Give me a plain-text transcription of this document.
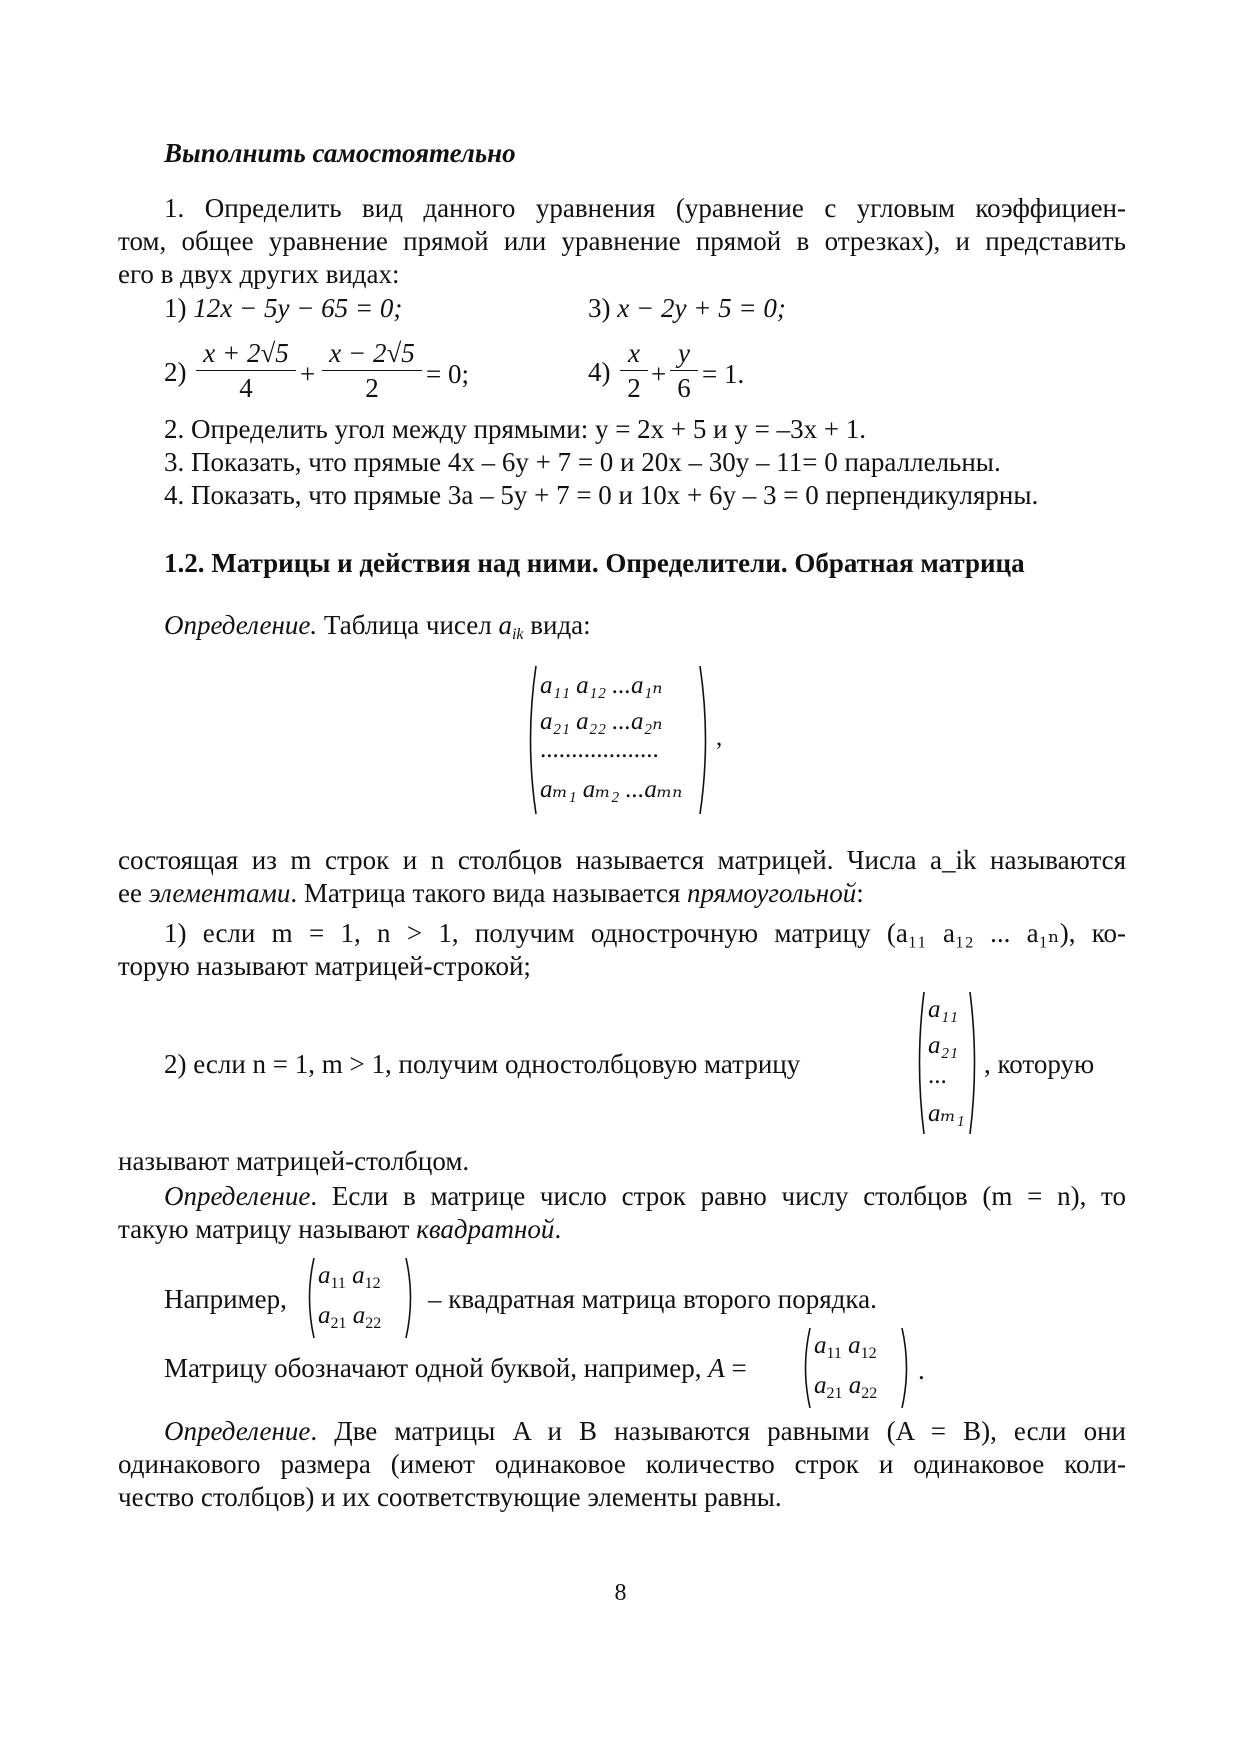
Выполнить самостоятельно
1. Определить вид данного уравнения (уравнение с угловым коэффициен-
том, общее уравнение прямой или уравнение прямой в отрезках), и представить
его в двух других видах:
1) 12x − 5y − 65 = 0;	3) x − 2y + 5 = 0;
$2) \frac{x + 2√5}{4} + \frac{x - 2√5}{2} = 0$;	$4) \frac{x}{2} + \frac{y}{6} = 1$.
2. Определить угол между прямыми: y = 2x + 5 и y = –3x + 1.
3. Показать, что прямые 4x – 6y + 7 = 0 и 20x – 30y – 11= 0 параллельны.
4. Показать, что прямые 3a – 5y + 7 = 0 и 10x + 6y – 3 = 0 перпендикулярны.
1.2. Матрицы и действия над ними. Определители. Обратная матрица
Определение. Таблица чисел $a_{ik}$ вида:
a₁₁ a₁₂ ...a₁ₙ
a₂₁ a₂₂ ...a₂ₙ
...................
aₘ₁ aₘ₂ ...aₘₙ
,
состоящая из m строк и n столбцов называется матрицей. Числа a_ik называются
ее элементами. Матрица такого вида называется прямоугольной:
1) если m = 1, n > 1, получим однострочную матрицу (a₁₁ a₁₂ ... a₁ₙ), ко-
торую называют матрицей-строкой;
2) если n = 1, m > 1, получим одностолбцовую матрицу
a₁₁
a₂₁
...
aₘ₁
, которую
называют матрицей-столбцом.
Определение. Если в матрице число строк равно числу столбцов (m = n), то
такую матрицу называют квадратной.
Например,
$a_{11}$ $a_{12}$
$a_{21}$ $a_{22}$
– квадратная матрица второго порядка.
Матрицу обозначают одной буквой, например, A =
$a_{11}$ $a_{12}$
$a_{21}$ $a_{22}$
.
Определение. Две матрицы A и B называются равными (A = B), если они
одинакового размера (имеют одинаковое количество строк и одинаковое коли-
чество столбцов) и их соответствующие элементы равны.
8
